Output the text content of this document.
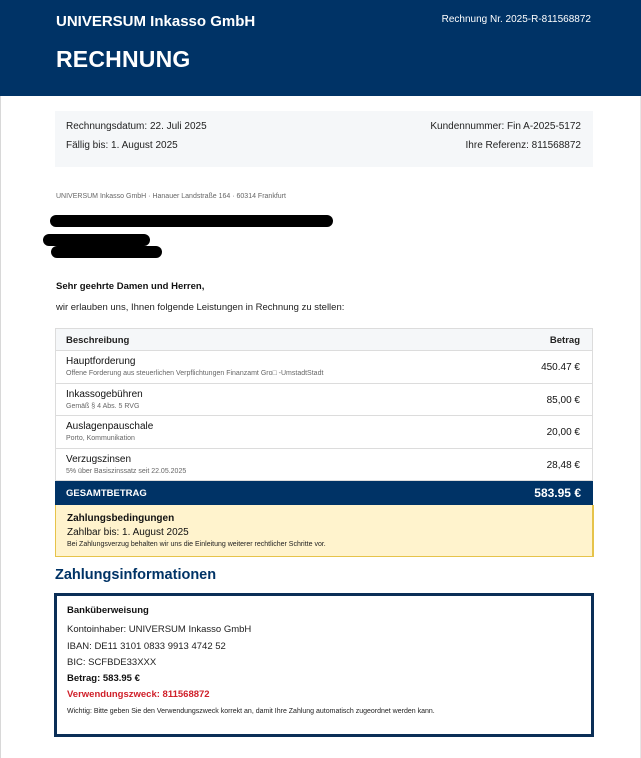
UNIVERSUM Inkasso GmbH
RECHNUNG
Rechnung Nr. 2025-R-811568872
Rechnungsdatum: 22. Juli 2025
Fällig bis: 1. August 2025
Kundennummer: Fin A-2025-5172
Ihre Referenz: 811568872
UNIVERSUM Inkasso GmbH · Hanauer Landstraße 164 · 60314 Frankfurt
Sehr geehrte Damen und Herren,
wir erlauben uns, Ihnen folgende Leistungen in Rechnung zu stellen:
Beschreibung	Betrag
Hauptforderung
Offene Forderung aus steuerlichen Verpflichtungen Finanzamt Gro□ -UmstadtStadt
450.47 €
Inkassogebühren
Gemäß § 4 Abs. 5 RVG
85,00 €
Auslagenpauschale
Porto, Kommunikation
20,00 €
Verzugszinsen
5% über Basiszinssatz seit 22.05.2025
28,48 €
GESAMTBETRAG	583.95 €
Zahlungsbedingungen
Zahlbar bis: 1. August 2025
Bei Zahlungsverzug behalten wir uns die Einleitung weiterer rechtlicher Schritte vor.
Zahlungsinformationen
Banküberweisung
Kontoinhaber: UNIVERSUM Inkasso GmbH
IBAN: DE11 3101 0833 9913 4742 52
BIC: SCFBDE33XXX
Betrag: 583.95 €
Verwendungszweck: 811568872
Wichtig: Bitte geben Sie den Verwendungszweck korrekt an, damit Ihre Zahlung automatisch zugeordnet werden kann.
